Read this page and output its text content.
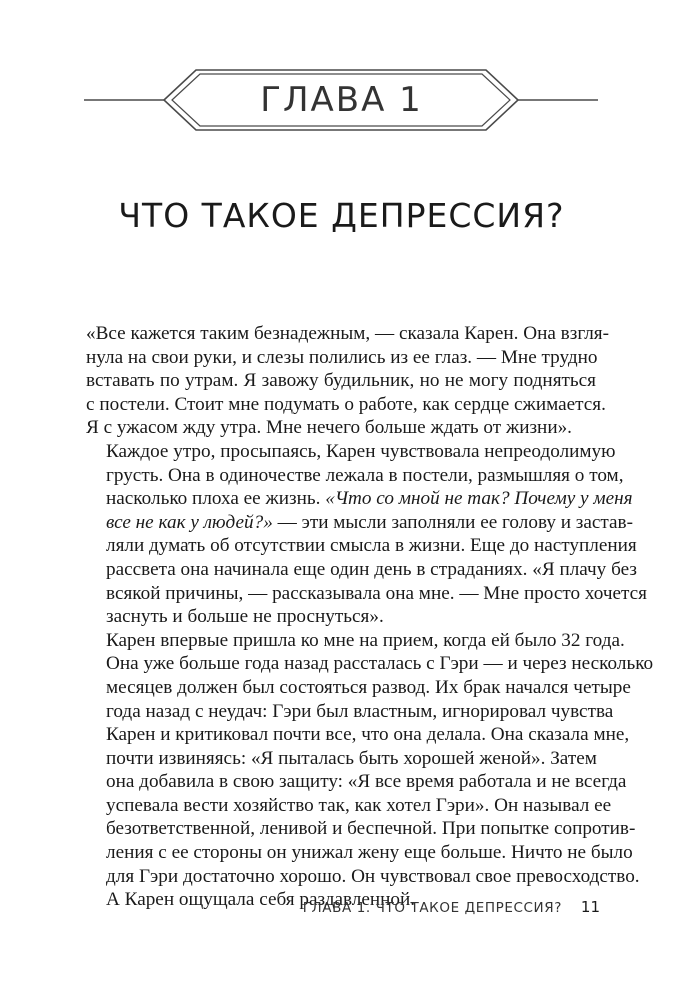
ГЛАВА 1
ЧТО ТАКОЕ ДЕПРЕССИЯ?

«Все кажется таким безнадежным, — сказала Карен. Она взгля-
нула на свои руки, и слезы полились из ее глаз. — Мне трудно
вставать по утрам. Я завожу будильник, но не могу подняться
с постели. Стоит мне подумать о работе, как сердце сжимается.
Я с ужасом жду утра. Мне нечего больше ждать от жизни».

Каждое утро, просыпаясь, Карен чувствовала непреодолимую
грусть. Она в одиночестве лежала в постели, размышляя о том,
насколько плоха ее жизнь. «Что со мной не так? Почему у меня
все не как у людей?» — эти мысли заполняли ее голову и застав-
ляли думать об отсутствии смысла в жизни. Еще до наступления
рассвета она начинала еще один день в страданиях. «Я плачу без
всякой причины, — рассказывала она мне. — Мне просто хочется
заснуть и больше не проснуться».

Карен впервые пришла ко мне на прием, когда ей было 32 года.
Она уже больше года назад рассталась с Гэри — и через несколько
месяцев должен был состояться развод. Их брак начался четыре
года назад с неудач: Гэри был властным, игнорировал чувства
Карен и критиковал почти все, что она делала. Она сказала мне,
почти извиняясь: «Я пыталась быть хорошей женой». Затем
она добавила в свою защиту: «Я все время работала и не всегда
успевала вести хозяйство так, как хотел Гэри». Он называл ее
безответственной, ленивой и беспечной. При попытке сопротив-
ления с ее стороны он унижал жену еще больше. Ничто не было
для Гэри достаточно хорошо. Он чувствовал свое превосходство.
А Карен ощущала себя раздавленной.

ГЛАВА 1. ЧТО ТАКОЕ ДЕПРЕССИЯ?	11
